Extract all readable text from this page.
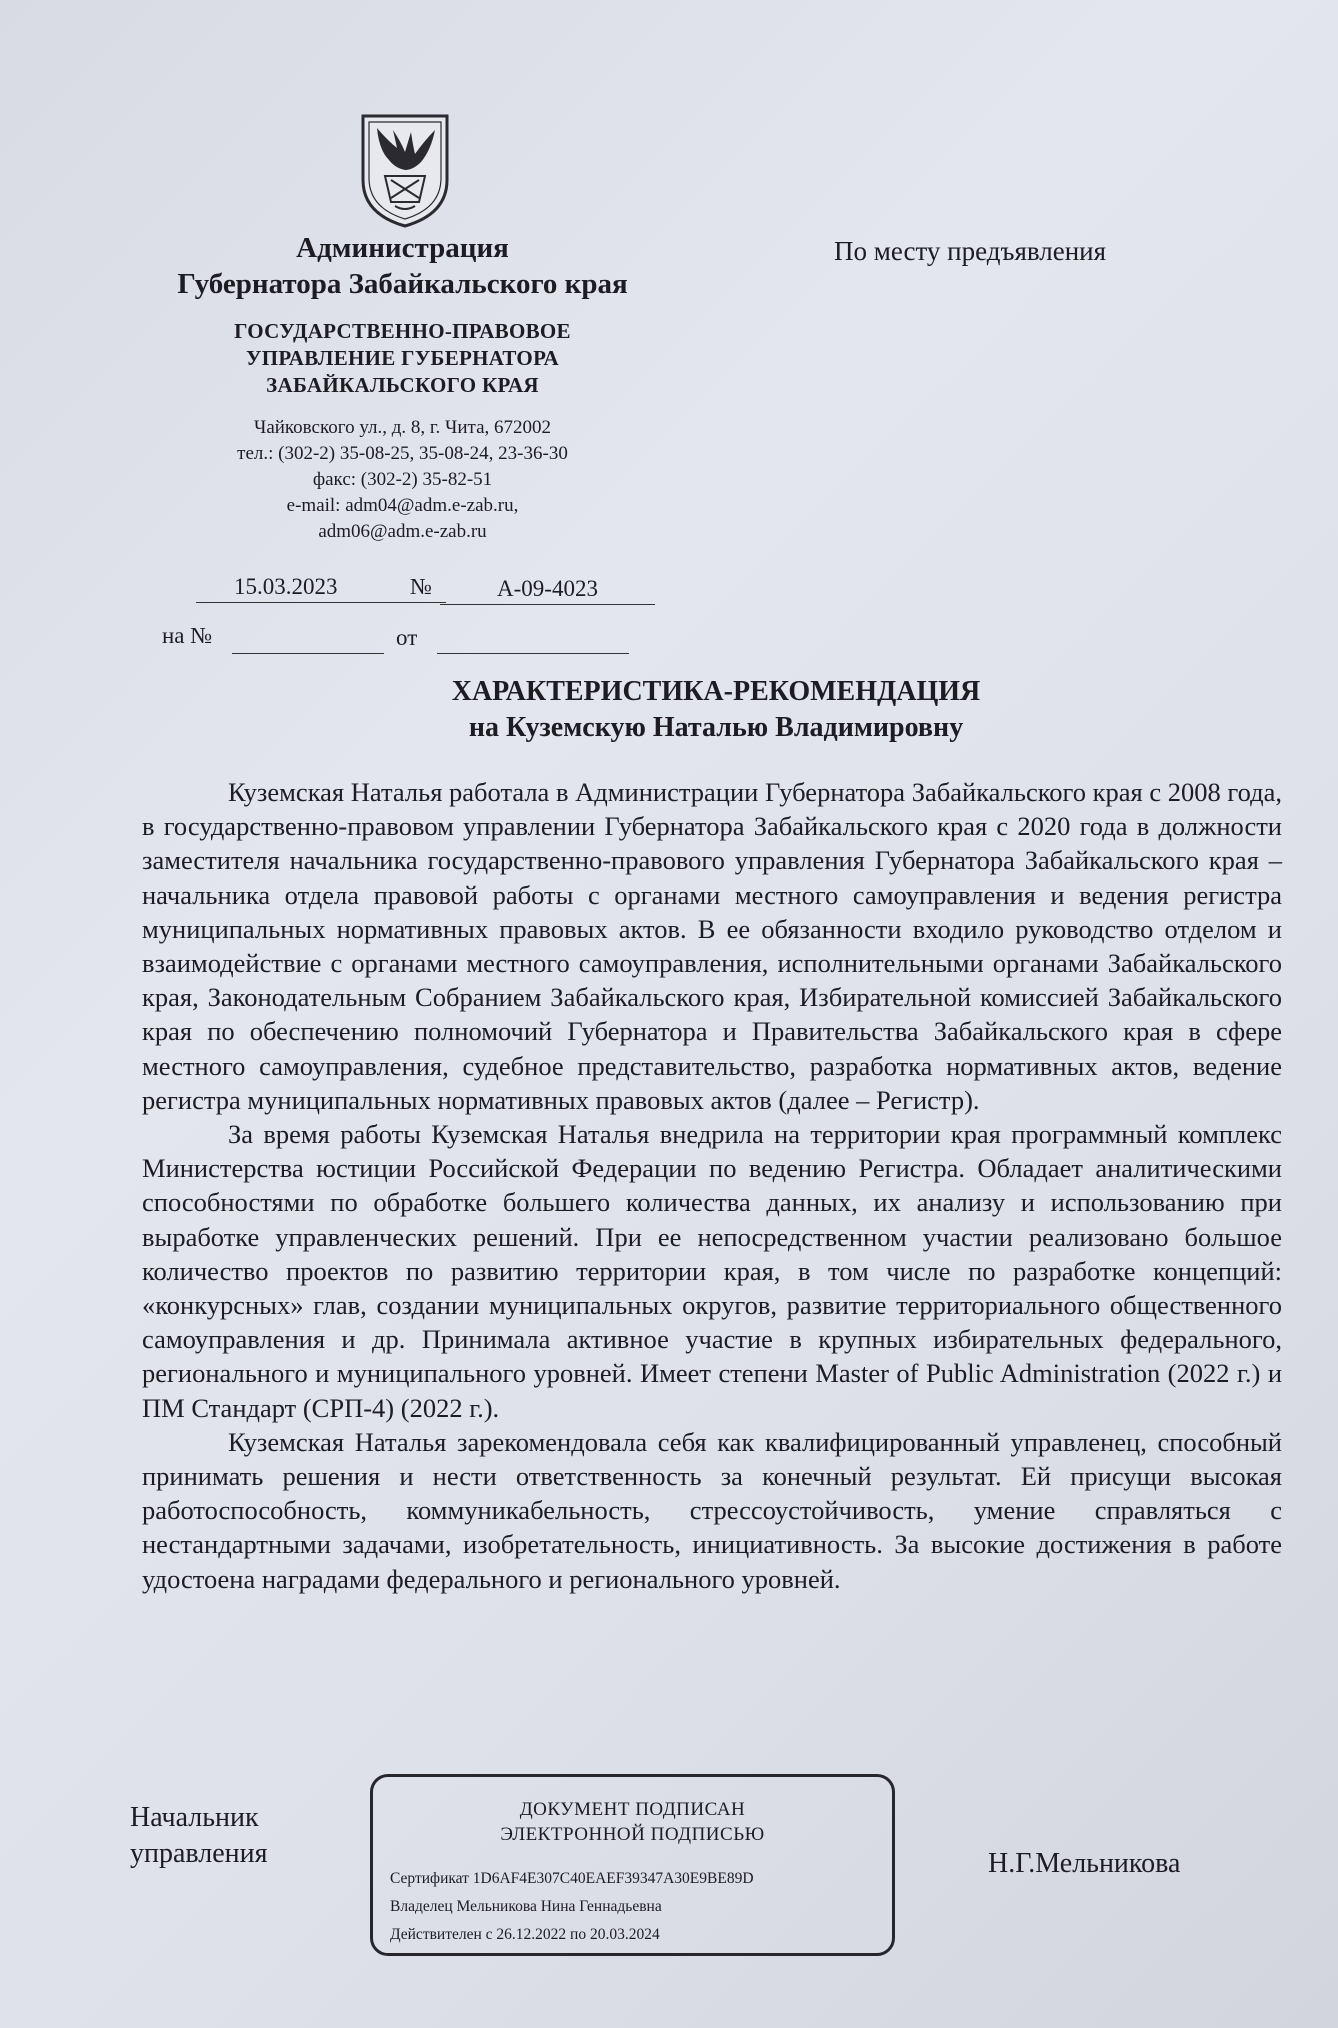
Администрация
Губернатора Забайкальского края
ГОСУДАРСТВЕННО-ПРАВОВОЕ
УПРАВЛЕНИЕ ГУБЕРНАТОРА
ЗАБАЙКАЛЬСКОГО КРАЯ
Чайковского ул., д. 8, г. Чита, 672002
тел.: (302-2) 35-08-25, 35-08-24, 23-36-30
факс: (302-2) 35-82-51
e-mail: adm04@adm.e-zab.ru,
adm06@adm.e-zab.ru
По месту предъявления
15.03.2023	№	А-09-4023
на №	от
ХАРАКТЕРИСТИКА-РЕКОМЕНДАЦИЯ
на Куземскую Наталью Владимировну

Куземская Наталья работала в Администрации Губернатора Забайкальского края с 2008 года, в государственно-правовом управлении Губернатора Забайкальского края с 2020 года в должности заместителя начальника государственно-правового управления Губернатора Забайкальского края – начальника отдела правовой работы с органами местного самоуправления и ведения регистра муниципальных нормативных правовых актов. В ее обязанности входило руководство отделом и взаимодействие с органами местного самоуправления, исполнительными органами Забайкальского края, Законодательным Собранием Забайкальского края, Избирательной комиссией Забайкальского края по обеспечению полномочий Губернатора и Правительства Забайкальского края в сфере местного самоуправления, судебное представительство, разработка нормативных актов, ведение регистра муниципальных нормативных правовых актов (далее – Регистр).

За время работы Куземская Наталья внедрила на территории края программный комплекс Министерства юстиции Российской Федерации по ведению Регистра. Обладает аналитическими способностями по обработке большего количества данных, их анализу и использованию при выработке управленческих решений. При ее непосредственном участии реализовано большое количество проектов по развитию территории края, в том числе по разработке концепций: «конкурсных» глав, создании муниципальных округов, развитие территориального общественного самоуправления и др. Принимала активное участие в крупных избирательных федерального, регионального и муниципального уровней. Имеет степени Master of Public Administration (2022 г.) и ПМ Стандарт (СРП-4) (2022 г.).

Куземская Наталья зарекомендовала себя как квалифицированный управленец, способный принимать решения и нести ответственность за конечный результат. Ей присущи высокая работоспособность, коммуникабельность, стрессоустойчивость, умение справляться с нестандартными задачами, изобретательность, инициативность. За высокие достижения в работе удостоена наградами федерального и регионального уровней.

Начальник
управления
ДОКУМЕНТ ПОДПИСАН
ЭЛЕКТРОННОЙ ПОДПИСЬЮ
Сертификат 1D6AF4E307C40EAEF39347A30E9BE89D
Владелец Мельникова Нина Геннадьевна
Действителен с 26.12.2022 по 20.03.2024
Н.Г.Мельникова
